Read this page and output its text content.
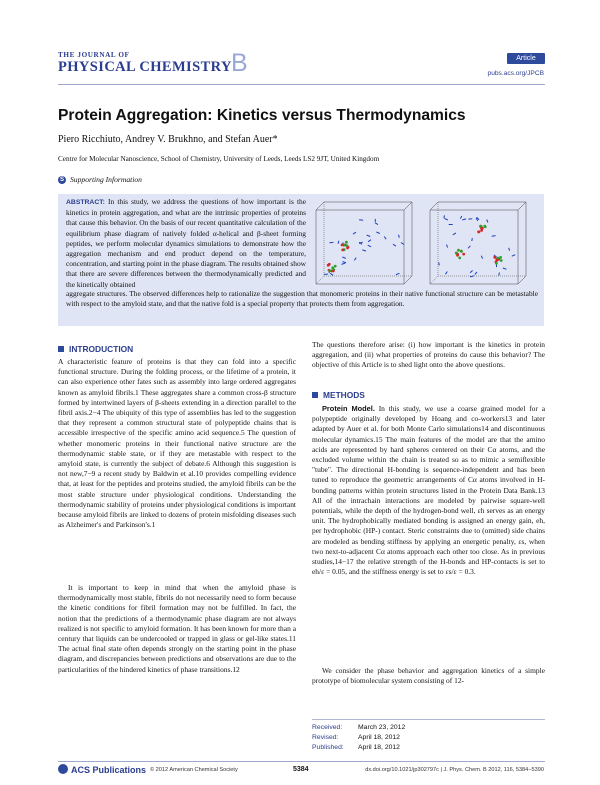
THE JOURNAL OF
PHYSICAL CHEMISTRY B	Article
pubs.acs.org/JPCB
Protein Aggregation: Kinetics versus Thermodynamics
Piero Ricchiuto, Andrey V. Brukhno, and Stefan Auer*
Centre for Molecular Nanoscience, School of Chemistry, University of Leeds, Leeds LS2 9JT, United Kingdom
S Supporting Information
ABSTRACT: In this study, we address the questions of how important is the kinetics in protein aggregation, and what are the intrinsic properties of proteins that cause this behavior. On the basis of our recent quantitative calculation of the equilibrium phase diagram of natively folded α-helical and β-sheet forming peptides, we perform molecular dynamics simulations to demonstrate how the aggregation mechanism and end product depend on the temperature, concentration, and starting point in the phase diagram. The results obtained show that there are severe differences between the thermodynamically predicted and the kinetically obtained
aggregate structures. The observed differences help to rationalize the suggestion that monomeric proteins in their native functional structure can be metastable with respect to the amyloid state, and that the native fold is a special property that protects them from aggregation.
INTRODUCTION
A characteristic feature of proteins is that they can fold into a specific functional structure. During the folding process, or the lifetime of a protein, it can also experience other fates such as assembly into large ordered aggregates known as amyloid fibrils.1 These aggregates share a common cross-β structure formed by intertwined layers of β-sheets extending in a direction parallel to the fibril axis.2−4 The ubiquity of this type of assemblies has led to the suggestion that they represent a common structural state of polypeptide chains that is accessible irrespective of the specific amino acid sequence.5 The question of whether monomeric proteins in their functional native structure are the thermodynamic stable state, or if they are metastable with respect to the amyloid state, is currently the subject of debate.6 Although this suggestion is not new,7−9 a recent study by Baldwin et al.10 provides compelling evidence that, at least for the peptides and proteins studied, the amyloid fibrils can be the most stable structure under physiological conditions. Understanding the thermodynamic stability of proteins under physiological conditions is important because amyloid fibrils are linked to dozens of protein misfolding diseases such as Alzheimer's and Parkinson's.1
It is important to keep in mind that when the amyloid phase is thermodynamically most stable, fibrils do not necessarily need to form because the kinetic conditions for fibril formation may not be fulfilled. In fact, the notion that the predictions of a thermodynamic phase diagram are not always realized is not specific to amyloid formation. It has been known for more than a century that liquids can be undercooled or trapped in glass or gel-like states.11 The actual final state often depends strongly on the starting point in the phase diagram, and discrepancies between predictions and observations are due to the particularities of the hindered kinetics of phase transitions.12
The questions therefore arise: (i) how important is the kinetics in protein aggregation, and (ii) what properties of proteins do cause this behavior? The objective of this Article is to shed light onto the above questions.
METHODS
Protein Model. In this study, we use a coarse grained model for a polypeptide originally developed by Hoang and co-workers13 and later adapted by Auer et al. for both Monte Carlo simulations14 and discontinuous molecular dynamics.15 The main features of the model are that the amino acids are represented by hard spheres centered on their Cα atoms, and the excluded volume within the chain is treated so as to mimic a semiflexible "tube". The directional H-bonding is sequence-independent and has been tuned to reproduce the geometric arrangements of Cα atoms involved in H-bonding patterns within protein structures listed in the Protein Data Bank.13 All of the intrachain interactions are modeled by pairwise square-well potentials, while the depth of the hydrogen-bond well, εh serves as an energy unit. The hydrophobically mediated bonding is assigned an energy gain, eh, per hydrophobic (HP-) contact. Steric constraints due to (omitted) side chains are modeled as bending stiffness by applying an energetic penalty, εs, when two next-to-adjacent Cα atoms approach each other too close. As in previous studies,14−17 the relative strength of the H-bonds and HP-contacts is set to eh/ε = 0.05, and the stiffness energy is set to εs/ε = 0.3.
We consider the phase behavior and aggregation kinetics of a simple prototype of biomolecular system consisting of 12-
Received: March 23, 2012
Revised:	April 18, 2012
Published: April 18, 2012
ACS Publications © 2012 American Chemical Society	5384	dx.doi.org/10.1021/jp302797c | J. Phys. Chem. B 2012, 116, 5384−5390
